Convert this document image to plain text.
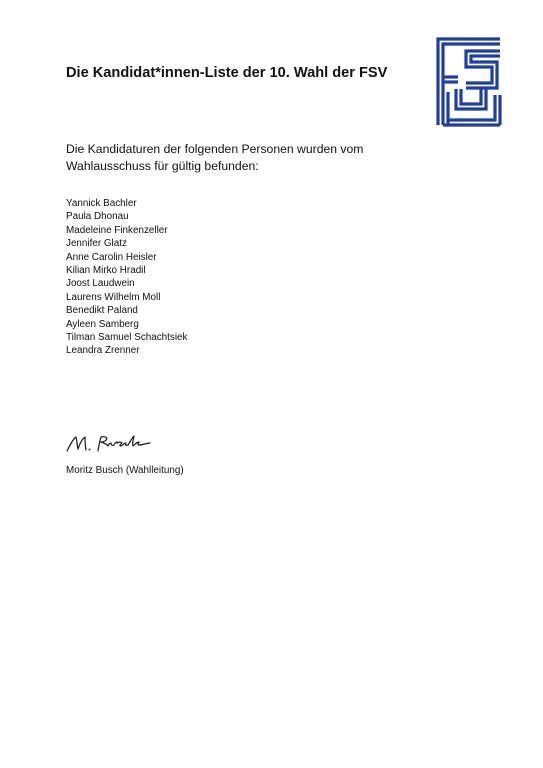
Die Kandidat*innen-Liste der 10. Wahl der FSV

Die Kandidaturen der folgenden Personen wurden vom Wahlausschuss für gültig befunden:

Yannick Bachler
Paula Dhonau
Madeleine Finkenzeller
Jennifer Glatz
Anne Carolin Heisler
Kilian Mirko Hradil
Joost Laudwein
Laurens Wilhelm Moll
Benedikt Paland
Ayleen Samberg
Tilman Samuel Schachtsiek
Leandra Zrenner

Moritz Busch (Wahlleitung)
